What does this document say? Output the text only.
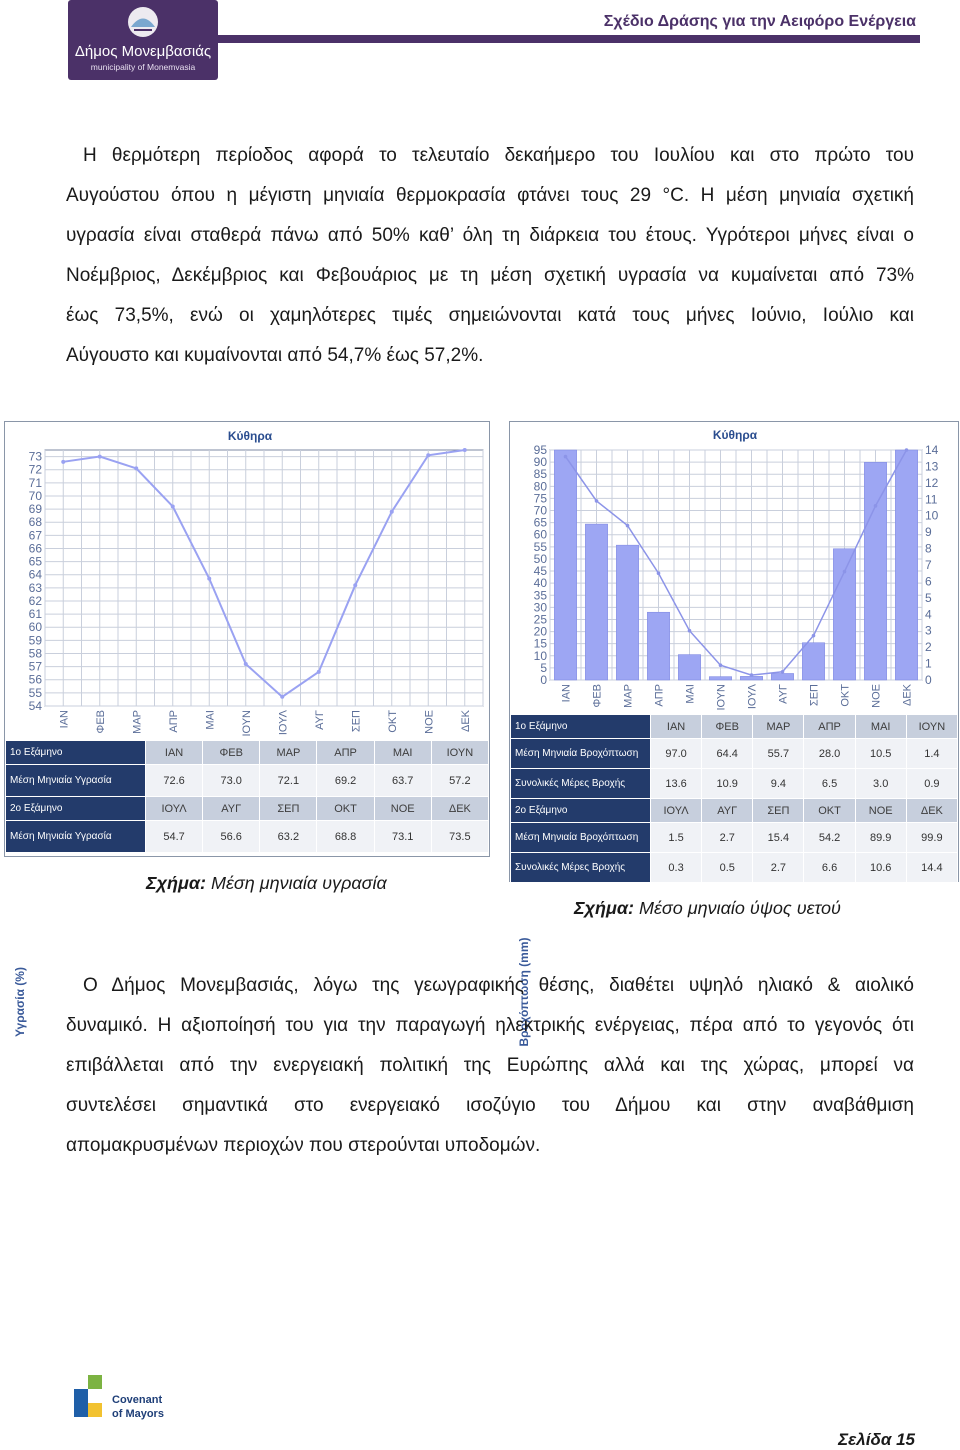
Δήμος Μονεμβασιάς
municipality of Monemvasia
Σχέδιο Δράσης για την Αειφόρο Ενέργεια
Η θερμότερη περίοδος αφορά το τελευταίο δεκαήμερο του Ιουλίου και στο πρώτο του
Αυγούστου όπου η μέγιστη μηνιαία θερμοκρασία φτάνει τους 29 °C. Η μέση μηνιαία σχετική
υγρασία είναι σταθερά πάνω από 50% καθ’ όλη τη διάρκεια του έτους. Υγρότεροι μήνες είναι ο
Νοέμβριος, Δεκέμβριος και Φεβουάριος με τη μέση σχετική υγρασία να κυμαίνεται από 73%
έως 73,5%, ενώ οι χαμηλότερες τιμές σημειώνονται κατά τους μήνες Ιούνιο, Ιούλιο και
Αύγουστο και κυμαίνονται από 54,7% έως 57,2%.
Κύθηρα
Υγρασία (%)
54
55
56
57
58
59
60
61
62
63
64
65
66
67
68
69
70
71
72
73
ΙΑΝ ΦΕΒ ΜΑΡ ΑΠΡ ΜΑΙ ΙΟΥΝ ΙΟΥΛ ΑΥΓ ΣΕΠ ΟΚΤ ΝΟΕ ΔΕΚ
1ο Εξάμηνο	ΙΑΝ	ΦΕΒ	ΜΑΡ	ΑΠΡ	ΜΑΙ	ΙΟΥΝ
Μέση Μηνιαία Υγρασία	72.6	73.0	72.1	69.2	63.7	57.2
2ο Εξάμηνο	ΙΟΥΛ	ΑΥΓ	ΣΕΠ	ΟΚΤ	ΝΟΕ	ΔΕΚ
Μέση Μηνιαία Υγρασία	54.7	56.6	63.2	68.8	73.1	73.5
Κύθηρα
Βροχόπτωση (mm)
0
5
10
15
20
25
30
35
40
45
50
55
60
65
70
75
80
85
90
95
0
1
2
3
4
5
6
7
8
9
10
11
12
13
14
ΙΑΝ ΦΕΒ ΜΑΡ ΑΠΡ ΜΑΙ ΙΟΥΝ ΙΟΥΛ ΑΥΓ ΣΕΠ ΟΚΤ ΝΟΕ ΔΕΚ
1ο Εξάμηνο	ΙΑΝ	ΦΕΒ	ΜΑΡ	ΑΠΡ	ΜΑΙ	ΙΟΥΝ
Μέση Μηνιαία Βροχόπτωση	97.0	64.4	55.7	28.0	10.5	1.4
Συνολικές Μέρες Βροχής	13.6	10.9	9.4	6.5	3.0	0.9
2ο Εξάμηνο	ΙΟΥΛ	ΑΥΓ	ΣΕΠ	ΟΚΤ	ΝΟΕ	ΔΕΚ
Μέση Μηνιαία Βροχόπτωση	1.5	2.7	15.4	54.2	89.9	99.9
Συνολικές Μέρες Βροχής	0.3	0.5	2.7	6.6	10.6	14.4
Σχήμα: Μέση μηνιαία υγρασία
Σχήμα: Μέσο μηνιαίο ύψος υετού
Ο Δήμος Μονεμβασιάς, λόγω της γεωγραφικής θέσης, διαθέτει υψηλό ηλιακό & αιολικό
δυναμικό. Η αξιοποίησή του για την παραγωγή ηλεκτρικής ενέργειας, πέρα από το γεγονός ότι
επιβάλλεται από την ενεργειακή πολιτική της Ευρώπης αλλά και της χώρας, μπορεί να
συντελέσει σημαντικά στο ενεργειακό ισοζύγιο του Δήμου και στην αναβάθμιση
απομακρυσμένων περιοχών που στερούνται υποδομών.
Covenant
of Mayors
Σελίδα 15
